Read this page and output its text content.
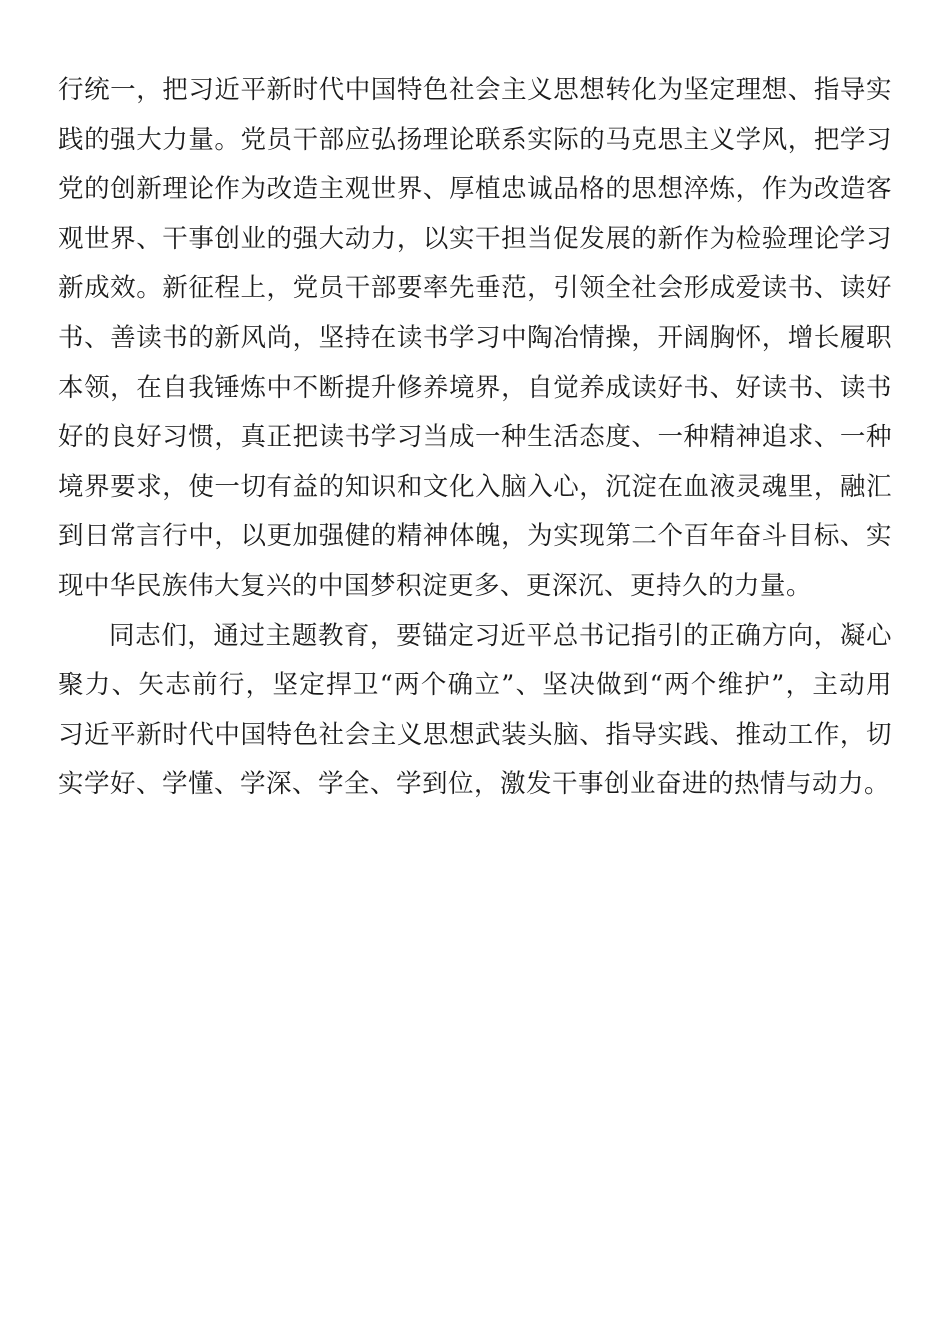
行统一，把习近平新时代中国特色社会主义思想转化为坚定理想、指导实践的强大力量。党员干部应弘扬理论联系实际的马克思主义学风，把学习党的创新理论作为改造主观世界、厚植忠诚品格的思想淬炼，作为改造客观世界、干事创业的强大动力，以实干担当促发展的新作为检验理论学习新成效。新征程上，党员干部要率先垂范，引领全社会形成爱读书、读好书、善读书的新风尚，坚持在读书学习中陶冶情操，开阔胸怀，增长履职本领，在自我锤炼中不断提升修养境界，自觉养成读好书、好读书、读书好的良好习惯，真正把读书学习当成一种生活态度、一种精神追求、一种境界要求，使一切有益的知识和文化入脑入心，沉淀在血液灵魂里，融汇到日常言行中，以更加强健的精神体魄，为实现第二个百年奋斗目标、实现中华民族伟大复兴的中国梦积淀更多、更深沉、更持久的力量。

同志们，通过主题教育，要锚定习近平总书记指引的正确方向，凝心聚力、矢志前行，坚定捍卫“两个确立”、坚决做到“两个维护”，主动用习近平新时代中国特色社会主义思想武装头脑、指导实践、推动工作，切实学好、学懂、学深、学全、学到位，激发干事创业奋进的热情与动力。
